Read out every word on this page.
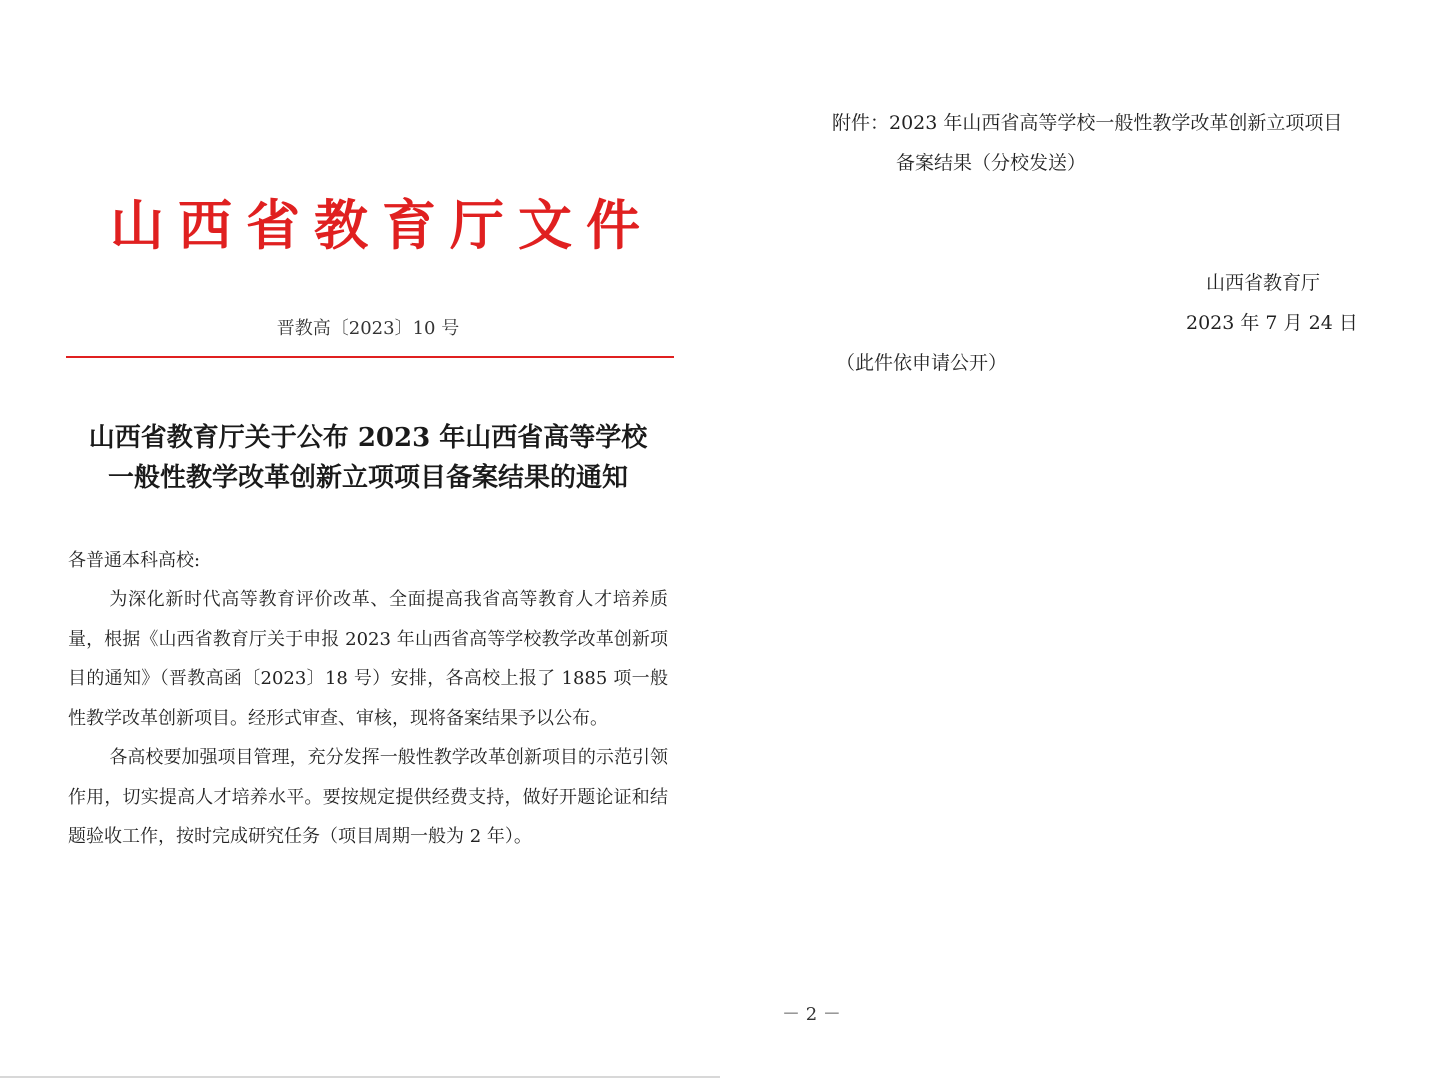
山西省教育厅文件
晋教高〔2023〕10 号
山西省教育厅关于公布 2023 年山西省高等学校
一般性教学改革创新立项项目备案结果的通知
各普通本科高校:

为深化新时代高等教育评价改革、全面提高我省高等教育人才培养质量，根据《山西省教育厅关于申报 2023 年山西省高等学校教学改革创新项目的通知》（晋教高函〔2023〕18 号）安排，各高校上报了 1885 项一般性教学改革创新项目。经形式审查、审核，现将备案结果予以公布。

各高校要加强项目管理，充分发挥一般性教学改革创新项目的示范引领作用，切实提高人才培养水平。要按规定提供经费支持，做好开题论证和结题验收工作，按时完成研究任务（项目周期一般为 2 年）。

附件：2023 年山西省高等学校一般性教学改革创新立项项目
备案结果（分校发送）
山西省教育厅
2023 年 7 月 24 日
（此件依申请公开）
－ 2 －
